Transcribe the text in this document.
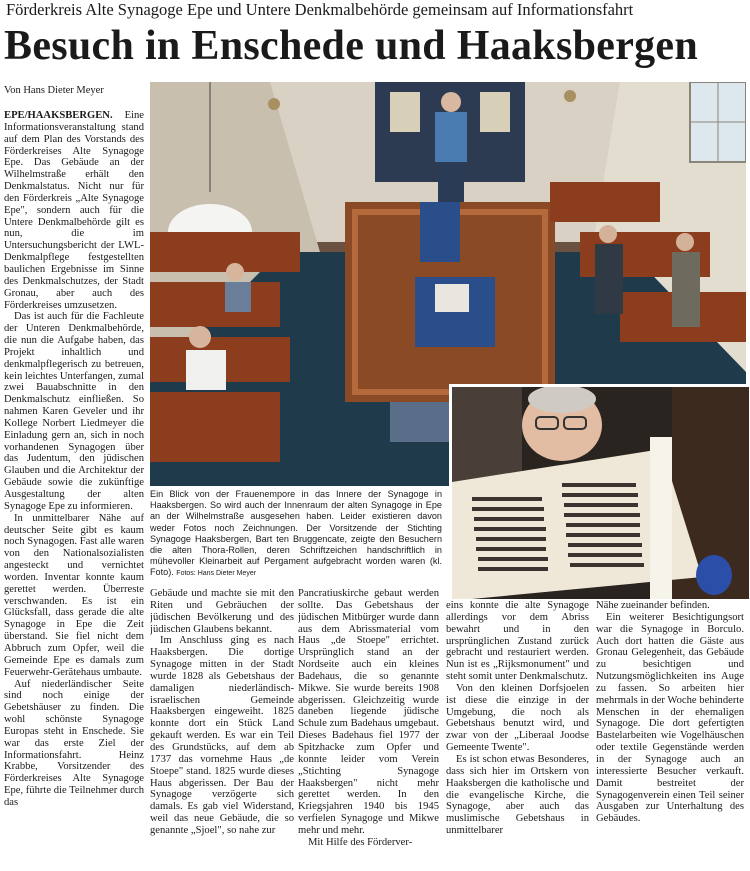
Förderkreis Alte Synagoge Epe und Untere Denkmalbehörde gemeinsam auf Informationsfahrt
Besuch in Enschede und Haaksbergen
Von Hans Dieter Meyer

EPE/HAAKSBERGEN. Eine Informationsveranstaltung stand auf dem Plan des Vorstands des Förderkreises Alte Synagoge Epe. Das Gebäude an der Wilhelmstraße erhält den Denkmalstatus. Nicht nur für den Förderkreis „Alte Synagoge Epe", sondern auch für die Untere Denkmalbehörde gilt es nun, die im Untersuchungsbericht der LWL-Denkmalpflege festgestellten baulichen Ergebnisse im Sinne des Denkmalschutzes, der Stadt Gronau, aber auch des Förderkreises umzusetzen.

Das ist auch für die Fachleute der Unteren Denkmalbehörde, die nun die Aufgabe haben, das Projekt inhaltlich und denkmalpflegerisch zu betreuen, kein leichtes Unterfangen, zumal zwei Bauabschnitte in den Denkmalschutz einfließen. So nahmen Karen Geveler und ihr Kollege Norbert Liedmeyer die Einladung gern an, sich in noch vorhandenen Synagogen über das Judentum, den jüdischen Glauben und die Architektur der Gebäude sowie die zukünftige Ausgestaltung der alten Synagoge Epe zu informieren.

In unmittelbarer Nähe auf deutscher Seite gibt es kaum noch Synagogen. Fast alle waren von den Nationalsozialisten angesteckt und vernichtet worden. Inventar konnte kaum gerettet werden. Überreste verschwanden. Es ist ein Glücksfall, dass gerade die alte Synagoge in Epe die Zeit überstand. Sie fiel nicht dem Abbruch zum Opfer, weil die Gemeinde Epe es damals zum Feuerwehr-Gerätehaus umbaute.

Auf niederländischer Seite sind noch einige der Gebetshäuser zu finden. Die wohl schönste Synagoge Europas steht in Enschede. Sie war das erste Ziel der Informationsfahrt. Heinz Krabbe, Vorsitzender des Förderkreises Alte Synagoge Epe, führte die Teilnehmer durch das

Ein Blick von der Frauenempore in das Innere der Synagoge in Haaksbergen. So wird auch der Innenraum der alten Synagoge in Epe an der Wilhelmstraße ausgesehen haben. Leider existieren davon weder Fotos noch Zeichnungen. Der Vorsitzende der Stichting Synagoge Haaksbergen, Bart ten Bruggencate, zeigte den Besuchern die alten Thora-Rollen, deren Schriftzeichen handschriftlich in mühevoller Kleinarbeit auf Pergament aufgebracht worden waren (kl. Foto). Fotos: Hans Dieter Meyer

Gebäude und machte sie mit den Riten und Gebräuchen der jüdischen Bevölkerung und des jüdischen Glaubens bekannt.

Im Anschluss ging es nach Haaksbergen. Die dortige Synagoge mitten in der Stadt wurde 1828 als Gebetshaus der damaligen niederländisch-israelischen Gemeinde Haaksbergen eingeweiht. 1825 konnte dort ein Stück Land gekauft werden. Es war ein Teil des Grundstücks, auf dem ab 1737 das vornehme Haus „de Stoepe" stand. 1825 wurde dieses Haus abgerissen. Der Bau der Synagoge verzögerte sich damals. Es gab viel Widerstand, weil das neue Gebäude, die so genannte „Sjoel", so nahe zur

Pancratiuskirche gebaut werden sollte. Das Gebetshaus der jüdischen Mitbürger wurde dann aus dem Abrissmaterial vom Haus „de Stoepe" errichtet. Ursprünglich stand an der Nordseite auch ein kleines Badehaus, die so genannte Mikwe. Sie wurde bereits 1908 abgerissen. Gleichzeitig wurde daneben liegende jüdische Schule zum Badehaus umgebaut. Dieses Badehaus fiel 1977 der Spitzhacke zum Opfer und konnte leider vom Verein „Stichting Synagoge Haaksbergen" nicht mehr gerettet werden. In den Kriegsjahren 1940 bis 1945 verfielen Synagoge und Mikwe mehr und mehr.

Mit Hilfe des Förderver-

eins konnte die alte Synagoge allerdings vor dem Abriss bewahrt und in den ursprünglichen Zustand zurück gebracht und restauriert werden. Nun ist es „Rijksmonument" und steht somit unter Denkmalschutz.

Von den kleinen Dorfsjoelen ist diese die einzige in der Umgebung, die noch als Gebetshaus benutzt wird, und zwar von der „Liberaal Joodse Gemeente Twente".

Es ist schon etwas Besonderes, dass sich hier im Ortskern von Haaksbergen die katholische und die evangelische Kirche, die Synagoge, aber auch das muslimische Gebetshaus in unmittelbarer

Nähe zueinander befinden.

Ein weiterer Besichtigungsort war die Synagoge in Borculo. Auch dort hatten die Gäste aus Gronau Gelegenheit, das Gebäude zu besichtigen und Nutzungsmöglichkeiten ins Auge zu fassen. So arbeiten hier mehrmals in der Woche behinderte Menschen in der ehemaligen Synagoge. Die dort gefertigten Bastelarbeiten wie Vogelhäuschen oder textile Gegenstände werden in der Synagoge auch an interessierte Besucher verkauft. Damit bestreitet der Synagogenverein einen Teil seiner Ausgaben zur Unterhaltung des Gebäudes.
